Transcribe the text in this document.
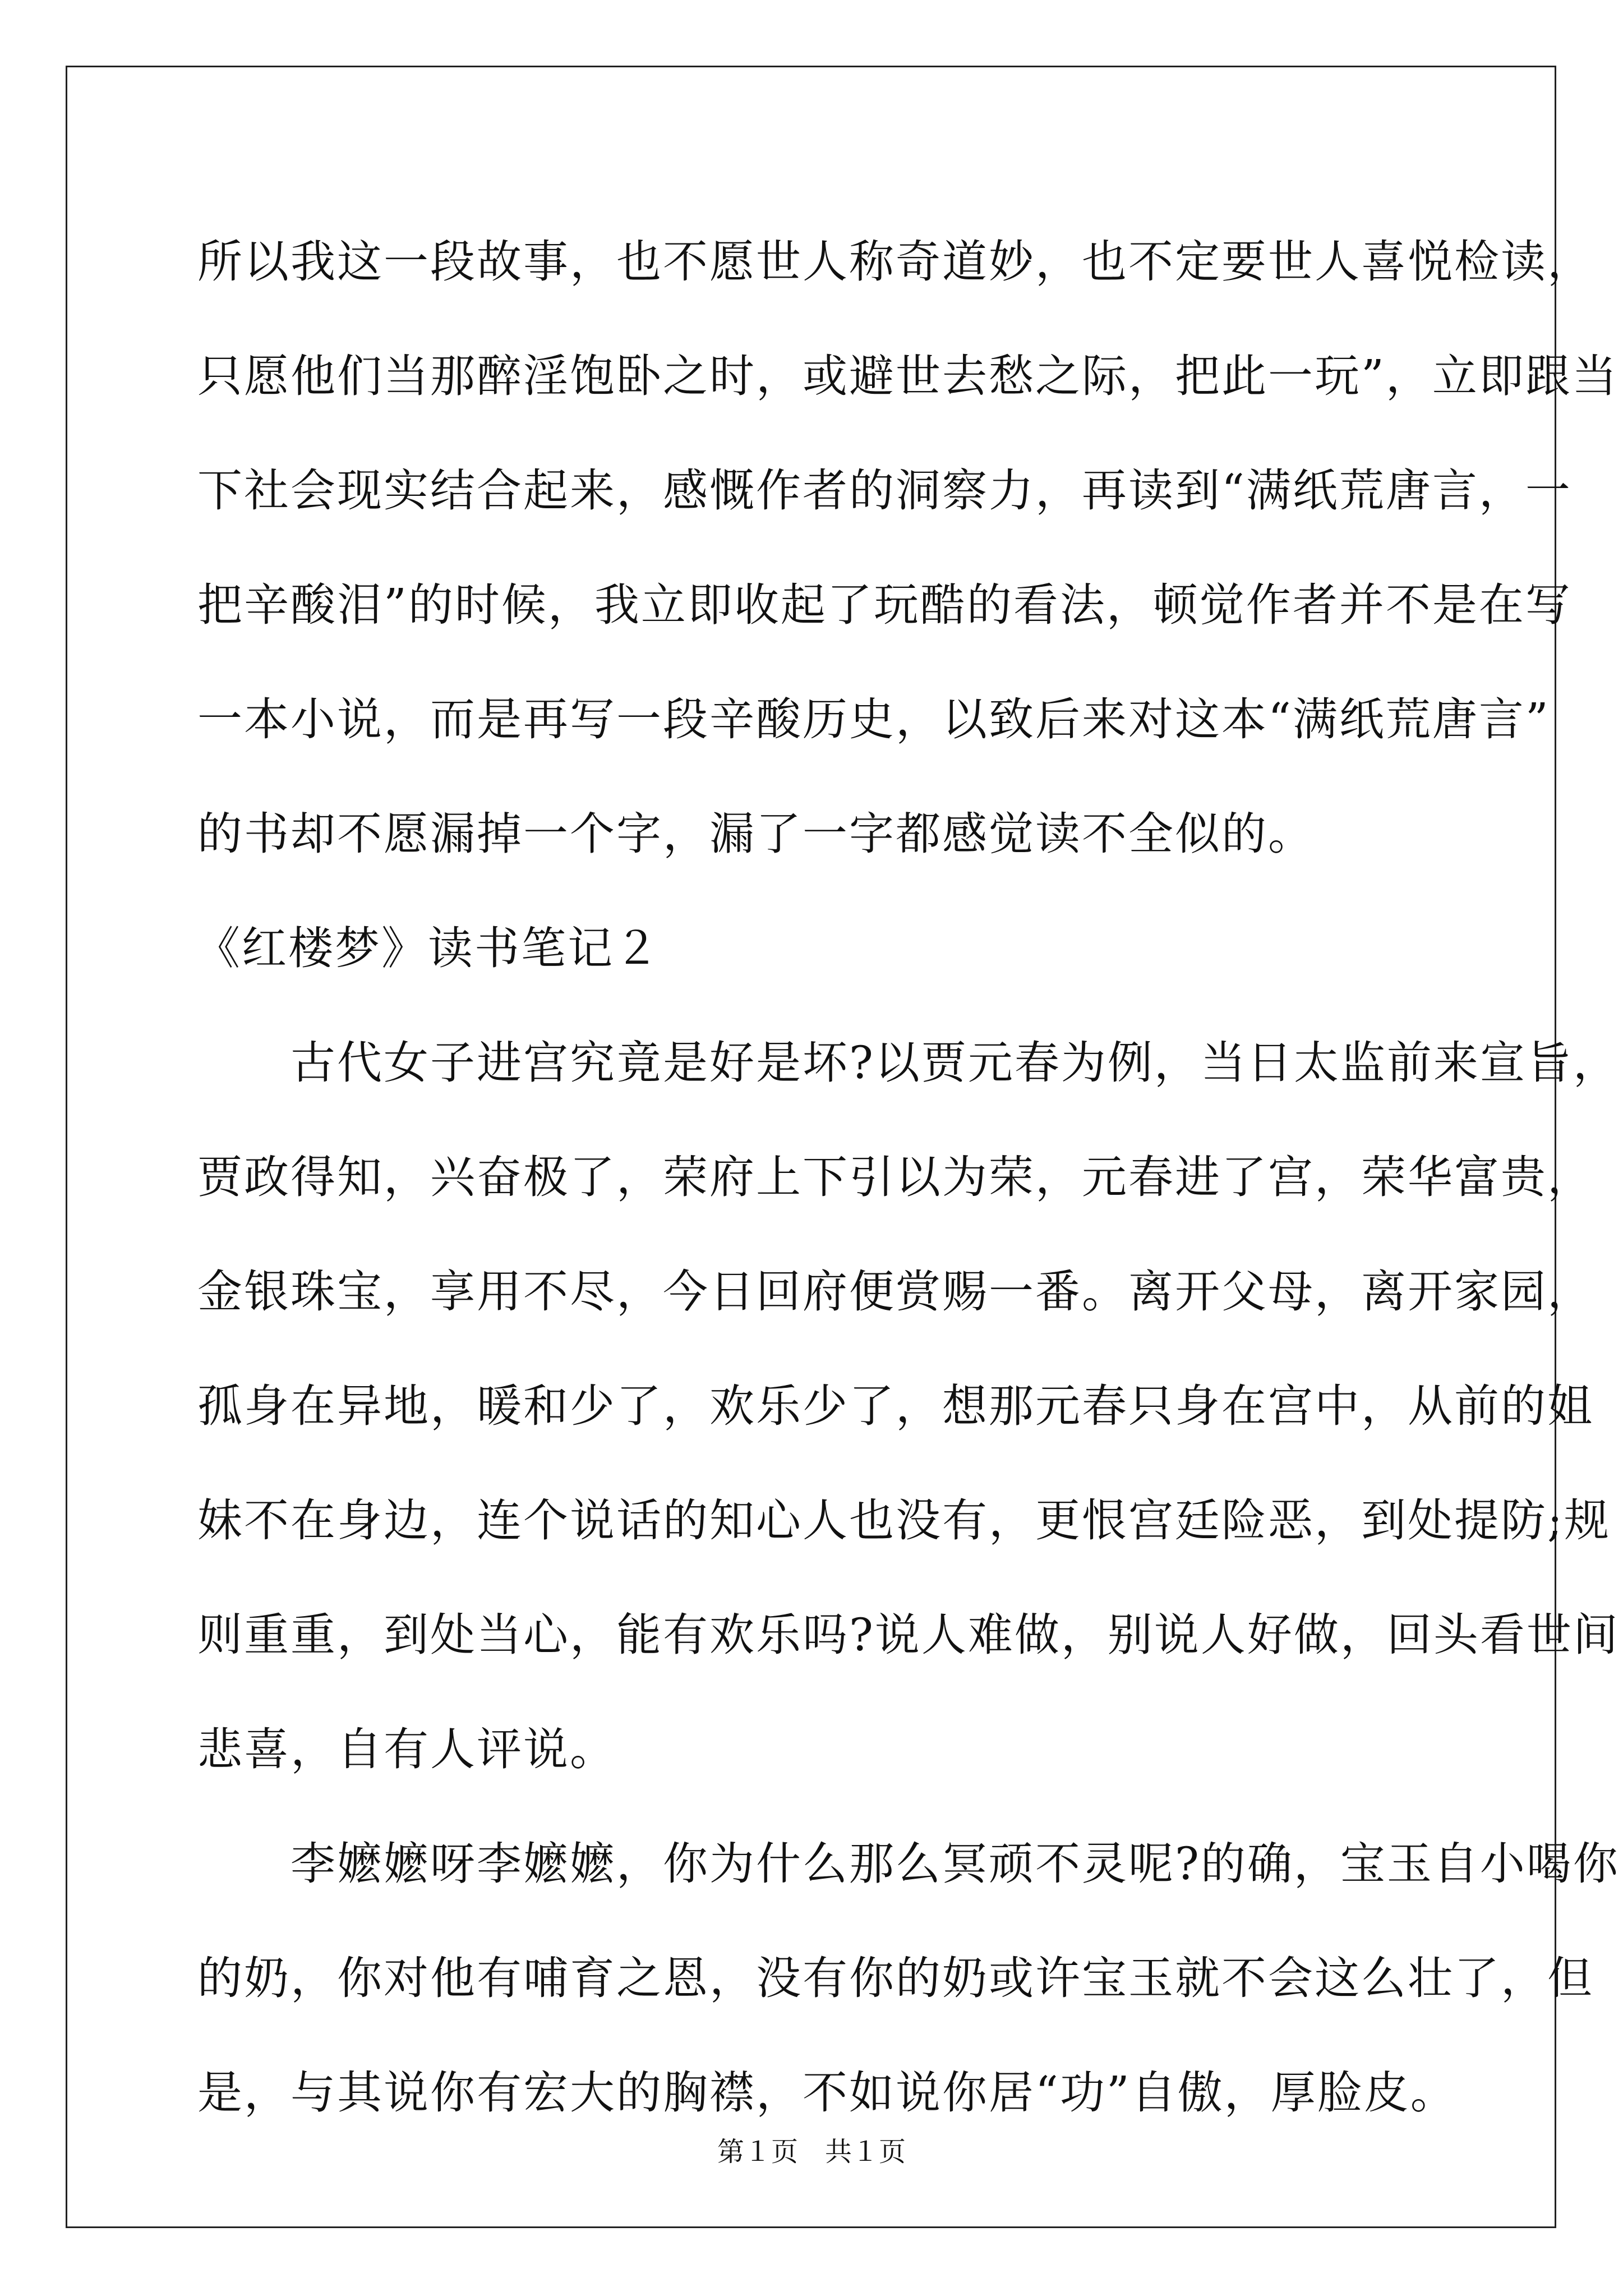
所以我这一段故事，也不愿世人称奇道妙，也不定要世人喜悦检读，
只愿他们当那醉淫饱卧之时，或避世去愁之际，把此一玩”，立即跟当
下社会现实结合起来，感慨作者的洞察力，再读到“满纸荒唐言，一
把辛酸泪”的时候，我立即收起了玩酷的看法，顿觉作者并不是在写
一本小说，而是再写一段辛酸历史，以致后来对这本“满纸荒唐言”
的书却不愿漏掉一个字，漏了一字都感觉读不全似的。
《红楼梦》读书笔记２
　　古代女子进宫究竟是好是坏?以贾元春为例，当日太监前来宣旨，
贾政得知，兴奋极了，荣府上下引以为荣，元春进了宫，荣华富贵，
金银珠宝，享用不尽，今日回府便赏赐一番。离开父母，离开家园，
孤身在异地，暖和少了，欢乐少了，想那元春只身在宫中，从前的姐
妹不在身边，连个说话的知心人也没有，更恨宫廷险恶，到处提防;规
则重重，到处当心，能有欢乐吗?说人难做，别说人好做，回头看世间
悲喜，自有人评说。
　　李嬷嬷呀李嬷嬷，你为什么那么冥顽不灵呢?的确，宝玉自小喝你
的奶，你对他有哺育之恩，没有你的奶或许宝玉就不会这么壮了，但
是，与其说你有宏大的胸襟，不如说你居“功”自傲，厚脸皮。
第１页　共１页
